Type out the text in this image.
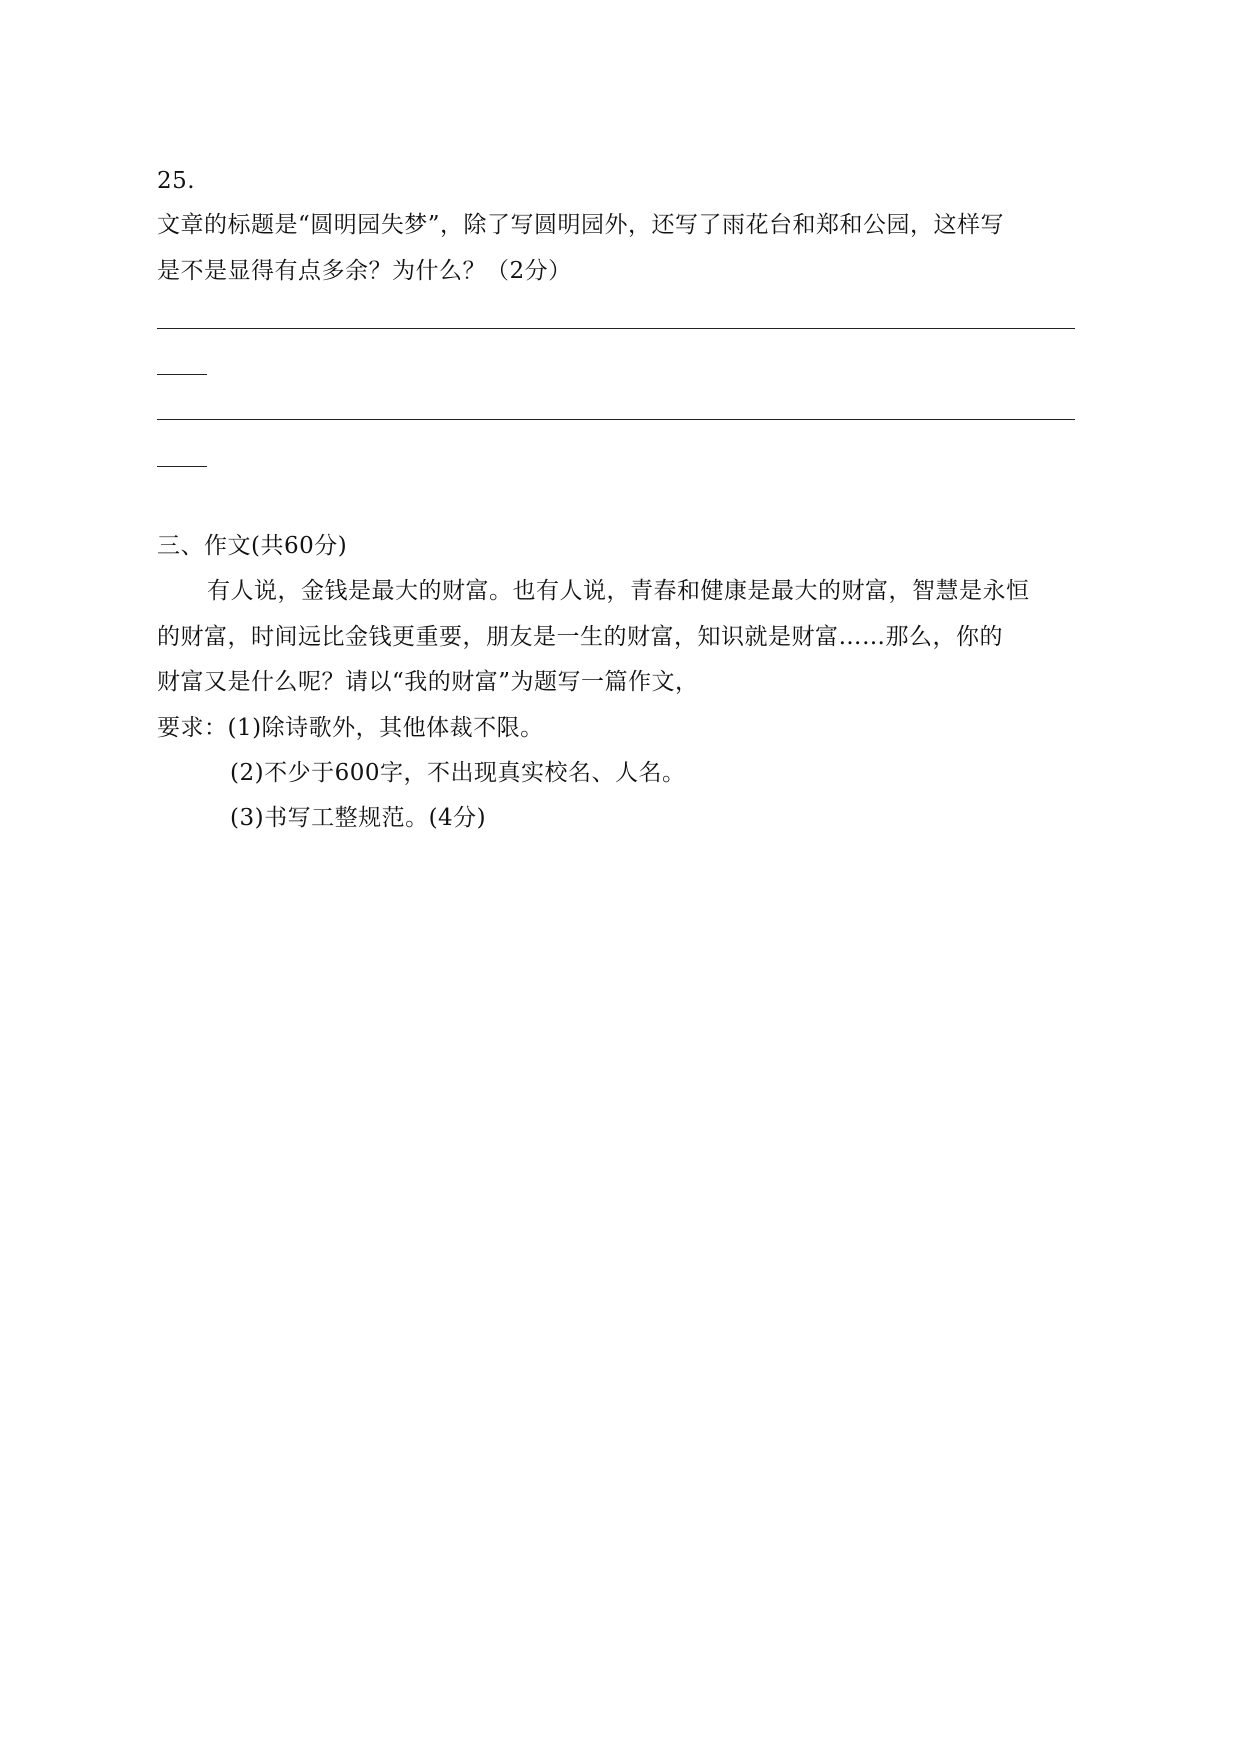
25.
文章的标题是“圆明园失梦”，除了写圆明园外，还写了雨花台和郑和公园，这样写
是不是显得有点多余？为什么？（2分）
三、作文(共60分)
有人说，金钱是最大的财富。也有人说，青春和健康是最大的财富，智慧是永恒
的财富，时间远比金钱更重要，朋友是一生的财富，知识就是财富……那么，你的
财富又是什么呢？请以“我的财富”为题写一篇作文，
要求：(1)除诗歌外，其他体裁不限。
(2)不少于600字，不出现真实校名、人名。
(3)书写工整规范。(4分)
